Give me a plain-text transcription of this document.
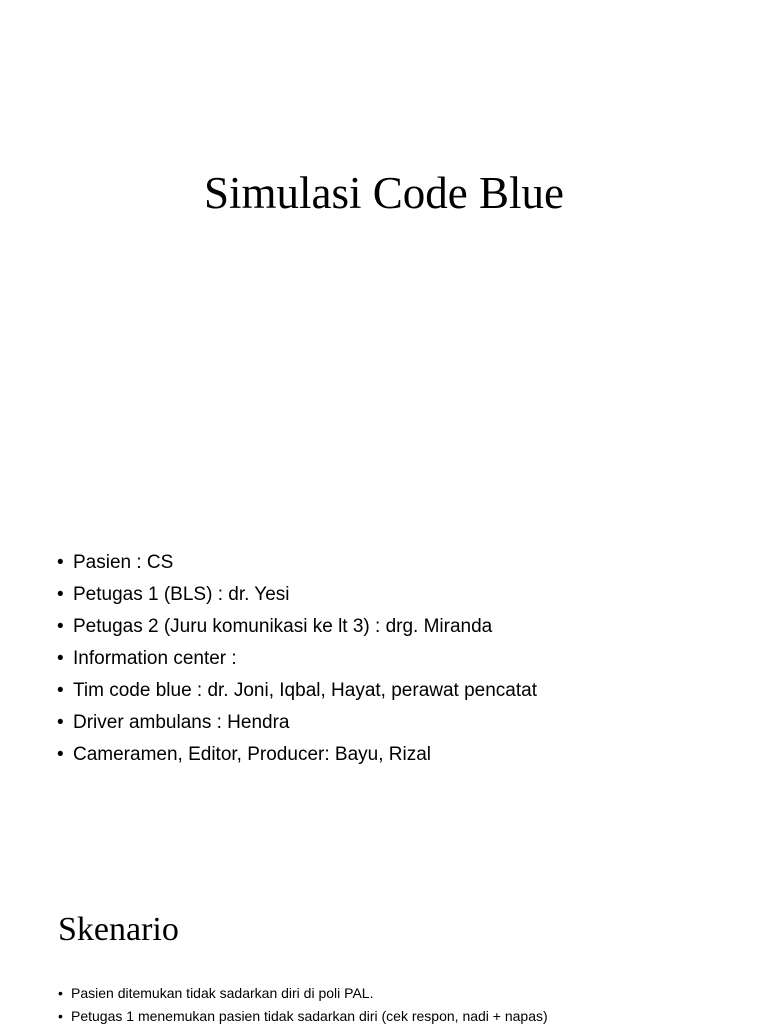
Simulasi Code Blue
• Pasien : CS
• Petugas 1 (BLS) : dr. Yesi
• Petugas 2 (Juru komunikasi ke lt 3) : drg. Miranda
• Information center :
• Tim code blue : dr. Joni, Iqbal, Hayat, perawat pencatat
• Driver ambulans : Hendra
• Cameramen, Editor, Producer: Bayu, Rizal
Skenario
• Pasien ditemukan tidak sadarkan diri di poli PAL.
• Petugas 1 menemukan pasien tidak sadarkan diri (cek respon, nadi + napas)
